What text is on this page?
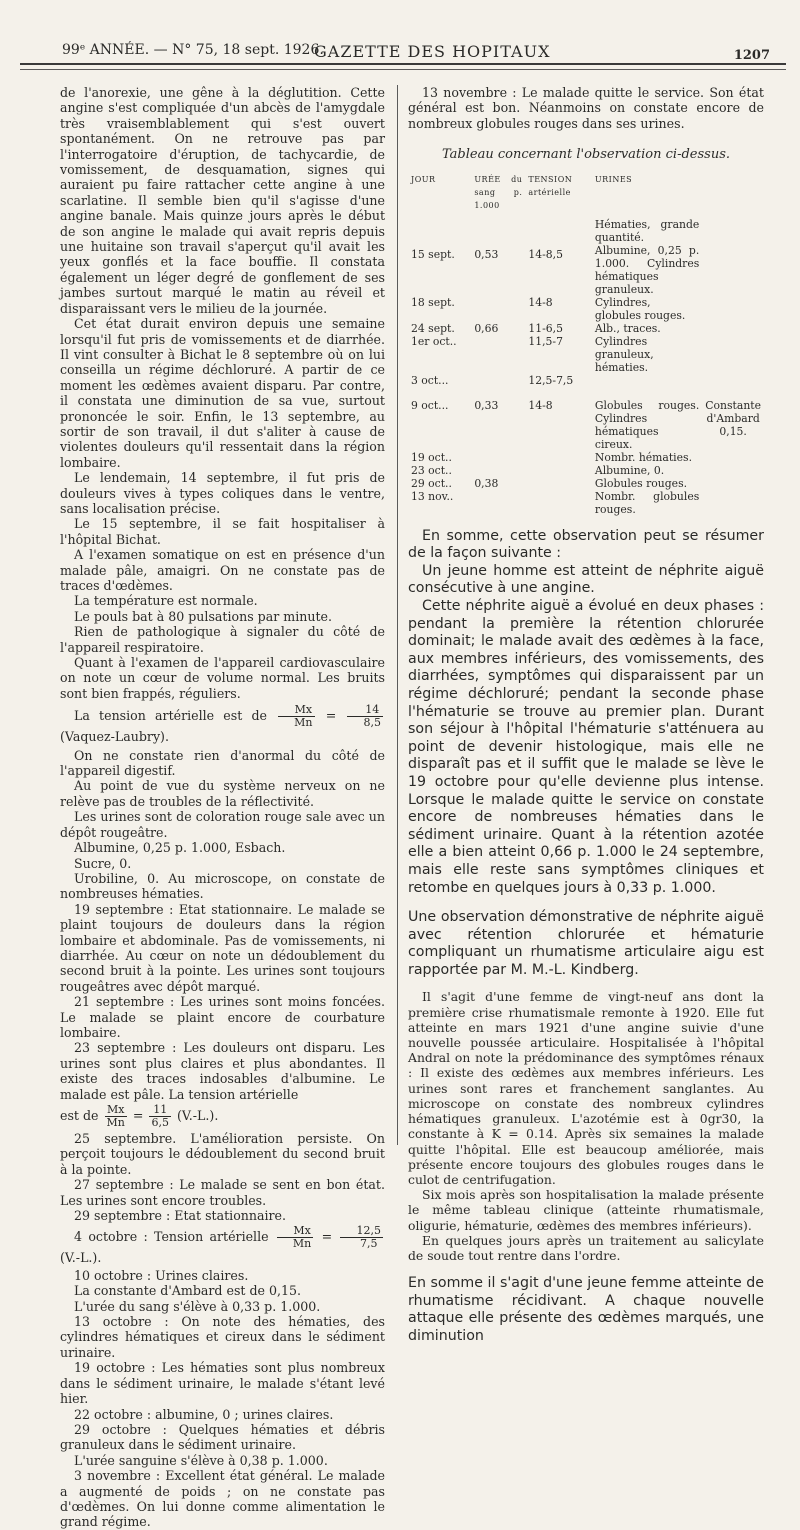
99ᵉ ANNÉE. — N° 75, 18 sept. 1926.
GAZETTE DES HOPITAUX	1207

de l'anorexie, une gêne à la déglutition. Cette angine s'est compliquée d'un abcès de l'amygdale très vraisemblablement qui s'est ouvert spontanément. On ne retrouve pas par l'interrogatoire d'éruption, de tachycardie, de vomissement, de desquamation, signes qui auraient pu faire rattacher cette angine à une scarlatine. Il semble bien qu'il s'agisse d'une angine banale. Mais quinze jours après le début de son angine le malade qui avait repris depuis une huitaine son travail s'aperçut qu'il avait les yeux gonflés et la face bouffie. Il constata également un léger degré de gonflement de ses jambes surtout marqué le matin au réveil et disparaissant vers le milieu de la journée.

Cet état durait environ depuis une semaine lorsqu'il fut pris de vomissements et de diarrhée. Il vint consulter à Bichat le 8 septembre où on lui conseilla un régime déchloruré. A partir de ce moment les œdèmes avaient disparu. Par contre, il constata une diminution de sa vue, surtout prononcée le soir. Enfin, le 13 septembre, au sortir de son travail, il dut s'aliter à cause de violentes douleurs qu'il ressentait dans la région lombaire.

Le lendemain, 14 septembre, il fut pris de douleurs vives à types coliques dans le ventre, sans localisation précise.

Le 15 septembre, il se fait hospitaliser à l'hôpital Bichat.

A l'examen somatique on est en présence d'un malade pâle, amaigri. On ne constate pas de traces d'œdèmes.

La température est normale.

Le pouls bat à 80 pulsations par minute.

Rien de pathologique à signaler du côté de l'appareil respiratoire.

Quant à l'examen de l'appareil cardiovasculaire on note un cœur de volume normal. Les bruits sont bien frappés, réguliers.

La tension artérielle est de $\frac{Mx}{Mn} = \frac{14}{8,5}$
(Vaquez-Laubry).

On ne constate rien d'anormal du côté de l'appareil digestif.

Au point de vue du système nerveux on ne relève pas de troubles de la réflectivité.

Les urines sont de coloration rouge sale avec un dépôt rougeâtre.

Albumine, 0,25 p. 1.000, Esbach.

Sucre, 0.

Urobiline, 0. Au microscope, on constate de nombreuses hématies.

19 septembre : Etat stationnaire. Le malade se plaint toujours de douleurs dans la région lombaire et abdominale. Pas de vomissements, ni diarrhée. Au cœur on note un dédoublement du second bruit à la pointe. Les urines sont toujours rougeâtres avec dépôt marqué.

21 septembre : Les urines sont moins foncées. Le malade se plaint encore de courbature lombaire.

23 septembre : Les douleurs ont disparu. Les urines sont plus claires et plus abondantes. Il existe des traces indosables d'albumine. Le malade est pâle. La tension artérielle

est de $\frac{Mx}{Mn} = \frac{11}{6,5} (V.-L.)$.

25 septembre. L'amélioration persiste. On perçoit toujours le dédoublement du second bruit à la pointe.

27 septembre : Le malade se sent en bon état. Les urines sont encore troubles.

29 septembre : Etat stationnaire.

4 octobre : Tension artérielle $\frac{Mx}{Mn} = \frac{12,5}{7,5}$
(V.-L.).

10 octobre : Urines claires.

La constante d'Ambard est de 0,15.

L'urée du sang s'élève à 0,33 p. 1.000.

13 octobre : On note des hématies, des cylindres hématiques et cireux dans le sédiment urinaire.

19 octobre : Les hématies sont plus nombreux dans le sédiment urinaire, le malade s'étant levé hier.

22 octobre : albumine, 0 ; urines claires.

29 octobre : Quelques hématies et débris granuleux dans le sédiment urinaire.

L'urée sanguine s'élève à 0,38 p. 1.000.

3 novembre : Excellent état général. Le malade a augmenté de poids ; on ne constate pas d'œdèmes. On lui donne comme alimentation le grand régime.

13 novembre : Le malade quitte le service. Son état général est bon. Néanmoins on constate encore de nombreux globules rouges dans ses urines.

Tableau concernant l'observation ci-dessus.
JOUR	URÉE du sang p. 1.000	TENSION artérielle	URINES	
15 sept.	0,53	14-8,5	Hématies, grande quantité. Albumine, 0,25 p. 1.000. Cylindres hématiques granuleux.	
18 sept.		14-8	Cylindres, globules rouges.	
24 sept.	0,66	11-6,5	Alb., traces.	
1er oct..		11,5-7	Cylindres granuleux, hématies.	
3 oct...		12,5-7,5		
9 oct...	0,33	14-8	Globules rouges. Cylindres hématiques cireux.	Constante d'Ambard 0,15.
19 oct..			Nombr. hématies.	
23 oct..			Albumine, 0.	
29 oct..	0,38		Globules rouges.	
13 nov..			Nombr. globules rouges.	

En somme, cette observation peut se résumer de la façon suivante :

Un jeune homme est atteint de néphrite aiguë consécutive à une angine.

Cette néphrite aiguë a évolué en deux phases : pendant la première la rétention chlorurée dominait; le malade avait des œdèmes à la face, aux membres inférieurs, des vomissements, des diarrhées, symptômes qui disparaissent par un régime déchloruré; pendant la seconde phase l'hématurie se trouve au premier plan. Durant son séjour à l'hôpital l'hématurie s'atténuera au point de devenir histologique, mais elle ne disparaît pas et il suffit que le malade se lève le 19 octobre pour qu'elle devienne plus intense. Lorsque le malade quitte le service on constate encore de nombreuses hématies dans le sédiment urinaire. Quant à la rétention azotée elle a bien atteint 0,66 p. 1.000 le 24 septembre, mais elle reste sans symptômes cliniques et retombe en quelques jours à 0,33 p. 1.000.

Une observation démonstrative de néphrite aiguë avec rétention chlorurée et hématurie compliquant un rhumatisme articulaire aigu est rapportée par M. M.-L. Kindberg.

Il s'agit d'une femme de vingt-neuf ans dont la première crise rhumatismale remonte à 1920. Elle fut atteinte en mars 1921 d'une angine suivie d'une nouvelle poussée articulaire. Hospitalisée à l'hôpital Andral on note la prédominance des symptômes rénaux : Il existe des œdèmes aux membres inférieurs. Les urines sont rares et franchement sanglantes. Au microscope on constate des nombreux cylindres hématiques granuleux. L'azotémie est à 0gr30, la constante à K = 0.14. Après six semaines la malade quitte l'hôpital. Elle est beaucoup améliorée, mais présente encore toujours des globules rouges dans le culot de centrifugation.

Six mois après son hospitalisation la malade présente le même tableau clinique (atteinte rhumatismale, oligurie, hématurie, œdèmes des membres inférieurs).

En quelques jours après un traitement au salicylate de soude tout rentre dans l'ordre.

En somme il s'agit d'une jeune femme atteinte de rhumatisme récidivant. A chaque nouvelle attaque elle présente des œdèmes marqués, une diminution
